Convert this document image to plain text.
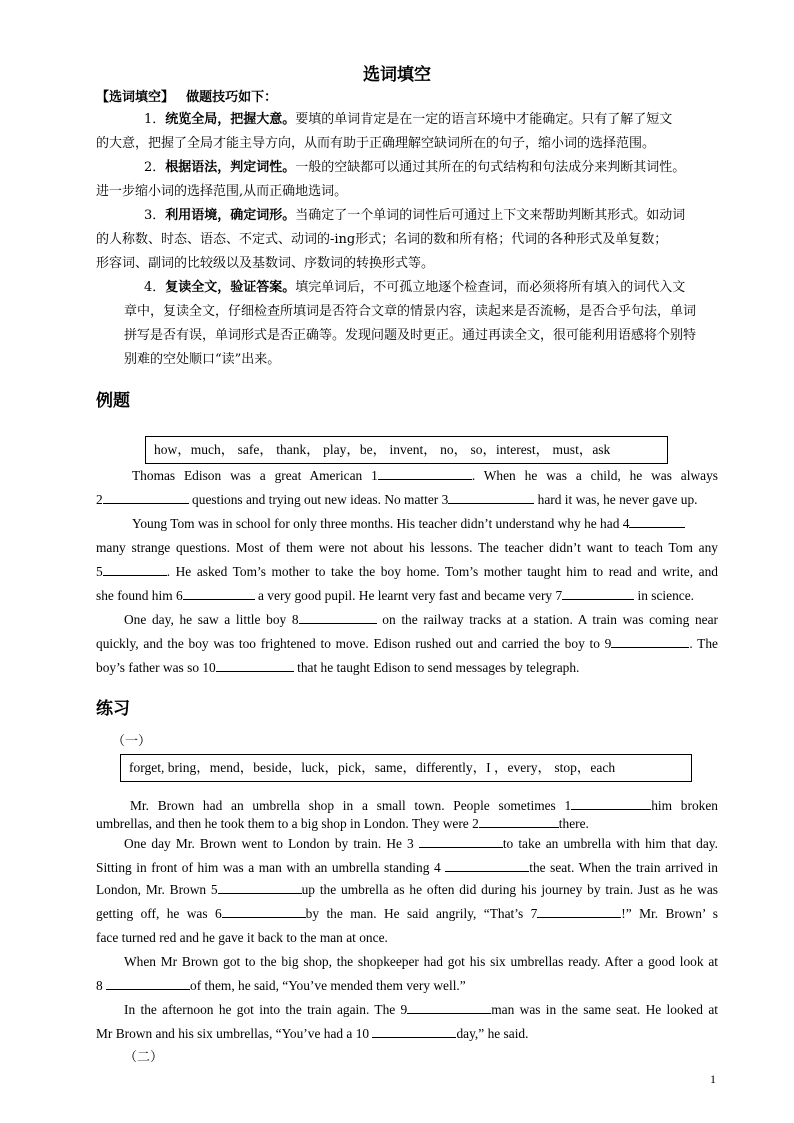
选词填空
【选词填空】 做题技巧如下：
1．统览全局，把握大意。要填的单词肯定是在一定的语言环境中才能确定。只有了解了短文
的大意，把握了全局才能主导方向，从而有助于正确理解空缺词所在的句子，缩小词的选择范围。
2．根据语法，判定词性。一般的空缺都可以通过其所在的句式结构和句法成分来判断其词性。
进一步缩小词的选择范围,从而正确地选词。
3．利用语境，确定词形。当确定了一个单词的词性后可通过上下文来帮助判断其形式。如动词
的人称数、时态、语态、不定式、动词的-ing形式；名词的数和所有格；代词的各种形式及单复数；
形容词、副词的比较级以及基数词、序数词的转换形式等。
4．复读全文，验证答案。填完单词后，不可孤立地逐个检查词，而必须将所有填入的词代入文
章中，复读全文，仔细检查所填词是否符合文章的情景内容，读起来是否流畅，是否合乎句法，单词
拼写是否有误，单词形式是否正确等。发现问题及时更正。通过再读全文，很可能利用语感将个别特
别难的空处顺口“读”出来。
例题
how，much， safe， thank， play，be， invent， no， so，interest， must，ask
Thomas Edison was a great American 1	. When he was a child, he was always
2	questions and trying out new ideas. No matter 3	hard it was, he never gave up.
Young Tom was in school for only three months. His teacher didn’t understand why he had 4
many strange questions. Most of them were not about his lessons. The teacher didn’t want to teach Tom any
5	. He asked Tom’s mother to take the boy home. Tom’s mother taught him to read and write, and
she found him 6	a very good pupil. He learnt very fast and became very 7	in science.
One day, he saw a little boy 8	on the railway tracks at a station. A train was coming near
quickly, and the boy was too frightened to move. Edison rushed out and carried the boy to 9	. The
boy’s father was so 10	that he taught Edison to send messages by telegraph.
练习
（一）
forget, bring，mend，beside，luck，pick，same，differently，I ，every， stop，each
Mr. Brown had an umbrella shop in a small town. People sometimes 1	him broken
umbrellas, and then he took them to a big shop in London. They were 2	there.
One day Mr. Brown went to London by train. He 3	to take an umbrella with him that day.
Sitting in front of him was a man with an umbrella standing 4	the seat. When the train arrived in
London, Mr. Brown 5	up the umbrella as he often did during his journey by train. Just as he was
getting off, he was 6	by the man. He said angrily, “That’s 7	!” Mr. Brown’ s
face turned red and he gave it back to the man at once.
When Mr Brown got to the big shop, the shopkeeper had got his six umbrellas ready. After a good look at
8	of them, he said, “You’ve mended them very well.”
In the afternoon he got into the train again. The 9	man was in the same seat. He looked at
Mr Brown and his six umbrellas, “You’ve had a 10	day,” he said.
（二）
1
